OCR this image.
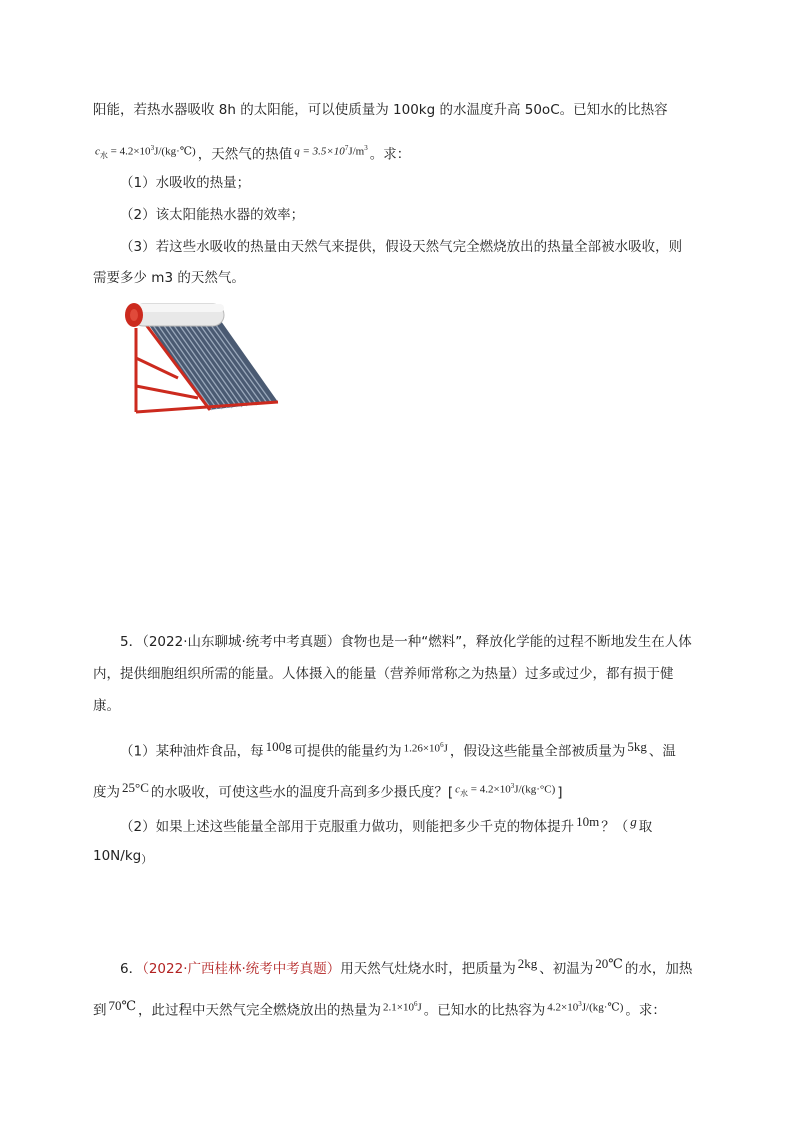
阳能，若热水器吸收 8h 的太阳能，可以使质量为 100kg 的水温度升高 50oC。已知水的比热容
$c_水$ = $4.2\times 10^3J/(kg\cdot℃)$ ，天然气的热值 $q = 3.5\times 10^7J/m^3$ 。求：
（1）水吸收的热量；
（2）该太阳能热水器的效率；
（3）若这些水吸收的热量由天然气来提供，假设天然气完全燃烧放出的热量全部被水吸收，则
需要多少 m3 的天然气。
5．（2022·山东聊城·统考中考真题）食物也是一种“燃料”，释放化学能的过程不断地发生在人体
内，提供细胞组织所需的能量。人体摄入的能量（营养师常称之为热量）过多或过少，都有损于健
康。
（1）某种油炸食品，每 100g 可提供的能量约为 $1.26\times 10^6J$ ，假设这些能量全部被质量为 5kg 、温
度为 25°C 的水吸收，可使这些水的温度升高到多少摄氏度？[ $c_水 = 4.2\times 10^3J/(kg\cdot^\circ C)$ ]
（2）如果上述这些能量全部用于克服重力做功，则能把多少千克的物体提升 10m ？（ g 取
$10N/kg_)$
6．（2022·广西桂林·统考中考真题）用天然气灶烧水时，把质量为 2kg 、初温为 20℃ 的水，加热
到 70℃ ，此过程中天然气完全燃烧放出的热量为 $2.1\times 10^6J$ 。已知水的比热容为 $4.2\times 10^3J/(kg\cdot℃)$ 。求：
